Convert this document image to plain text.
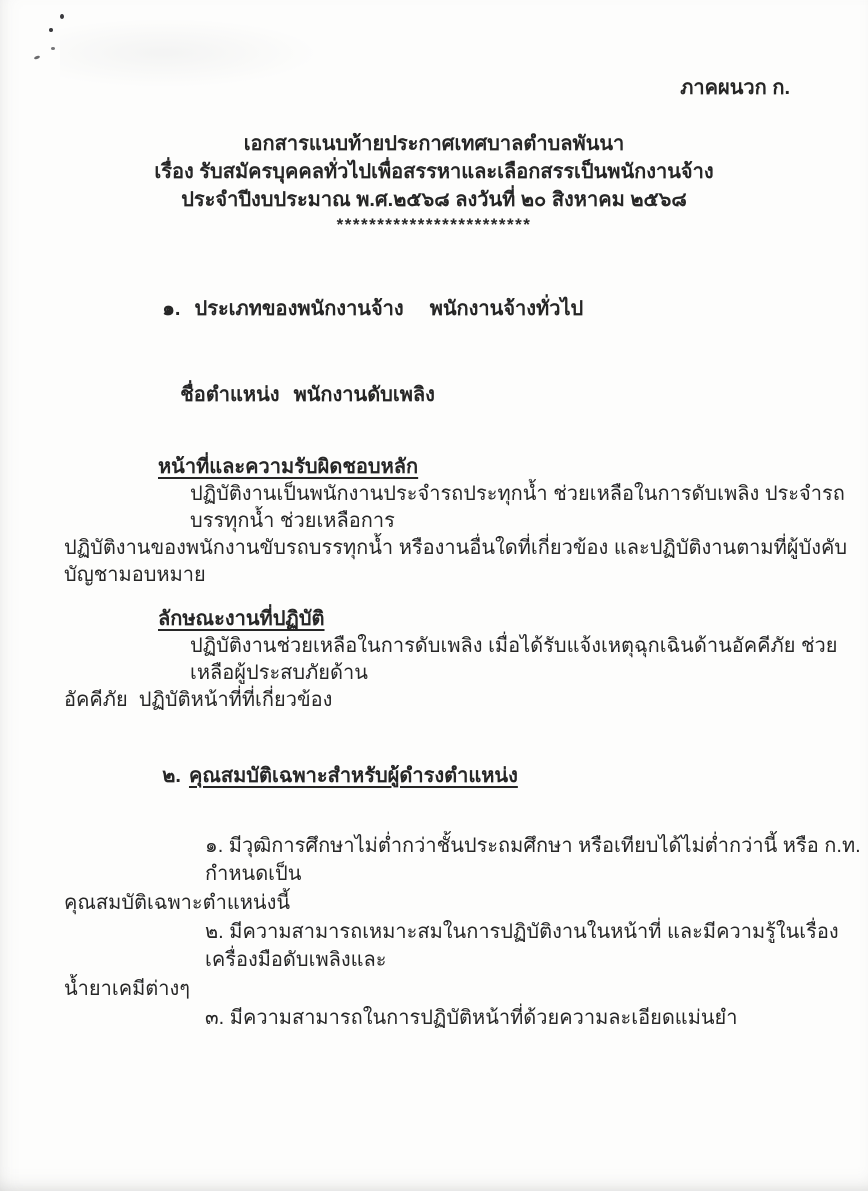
ภาคผนวก ก.
เอกสารแนบท้ายประกาศเทศบาลตำบลพันนา
เรื่อง รับสมัครบุคคลทั่วไปเพื่อสรรหาและเลือกสรรเป็นพนักงานจ้าง
ประจำปีงบประมาณ พ.ศ.๒๕๖๘ ลงวันที่ ๒๐ สิงหาคม ๒๕๖๘
************************

๑. ประเภทของพนักงานจ้าง พนักงานจ้างทั่วไป

ชื่อตำแหน่ง พนักงานดับเพลิง

หน้าที่และความรับผิดชอบหลัก
ปฏิบัติงานเป็นพนักงานประจำรถประทุกน้ำ ช่วยเหลือในการดับเพลิง ประจำรถบรรทุกน้ำ ช่วยเหลือการ
ปฏิบัติงานของพนักงานขับรถบรรทุกน้ำ หรืองานอื่นใดที่เกี่ยวข้อง และปฏิบัติงานตามที่ผู้บังคับบัญชามอบหมาย
ลักษณะงานที่ปฏิบัติ
ปฏิบัติงานช่วยเหลือในการดับเพลิง เมื่อได้รับแจ้งเหตุฉุกเฉินด้านอัคคีภัย ช่วยเหลือผู้ประสบภัยด้าน
อัคคีภัย  ปฏิบัติหน้าที่ที่เกี่ยวข้อง

๒. คุณสมบัติเฉพาะสำหรับผู้ดำรงตำแหน่ง

๑. มีวุฒิการศึกษาไม่ต่ำกว่าชั้นประถมศึกษา หรือเทียบได้ไม่ต่ำกว่านี้ หรือ ก.ท. กำหนดเป็น
คุณสมบัติเฉพาะตำแหน่งนี้
๒. มีความสามารถเหมาะสมในการปฏิบัติงานในหน้าที่ และมีความรู้ในเรื่องเครื่องมือดับเพลิงและ
น้ำยาเคมีต่างๆ
๓. มีความสามารถในการปฏิบัติหน้าที่ด้วยความละเอียดแม่นยำ
